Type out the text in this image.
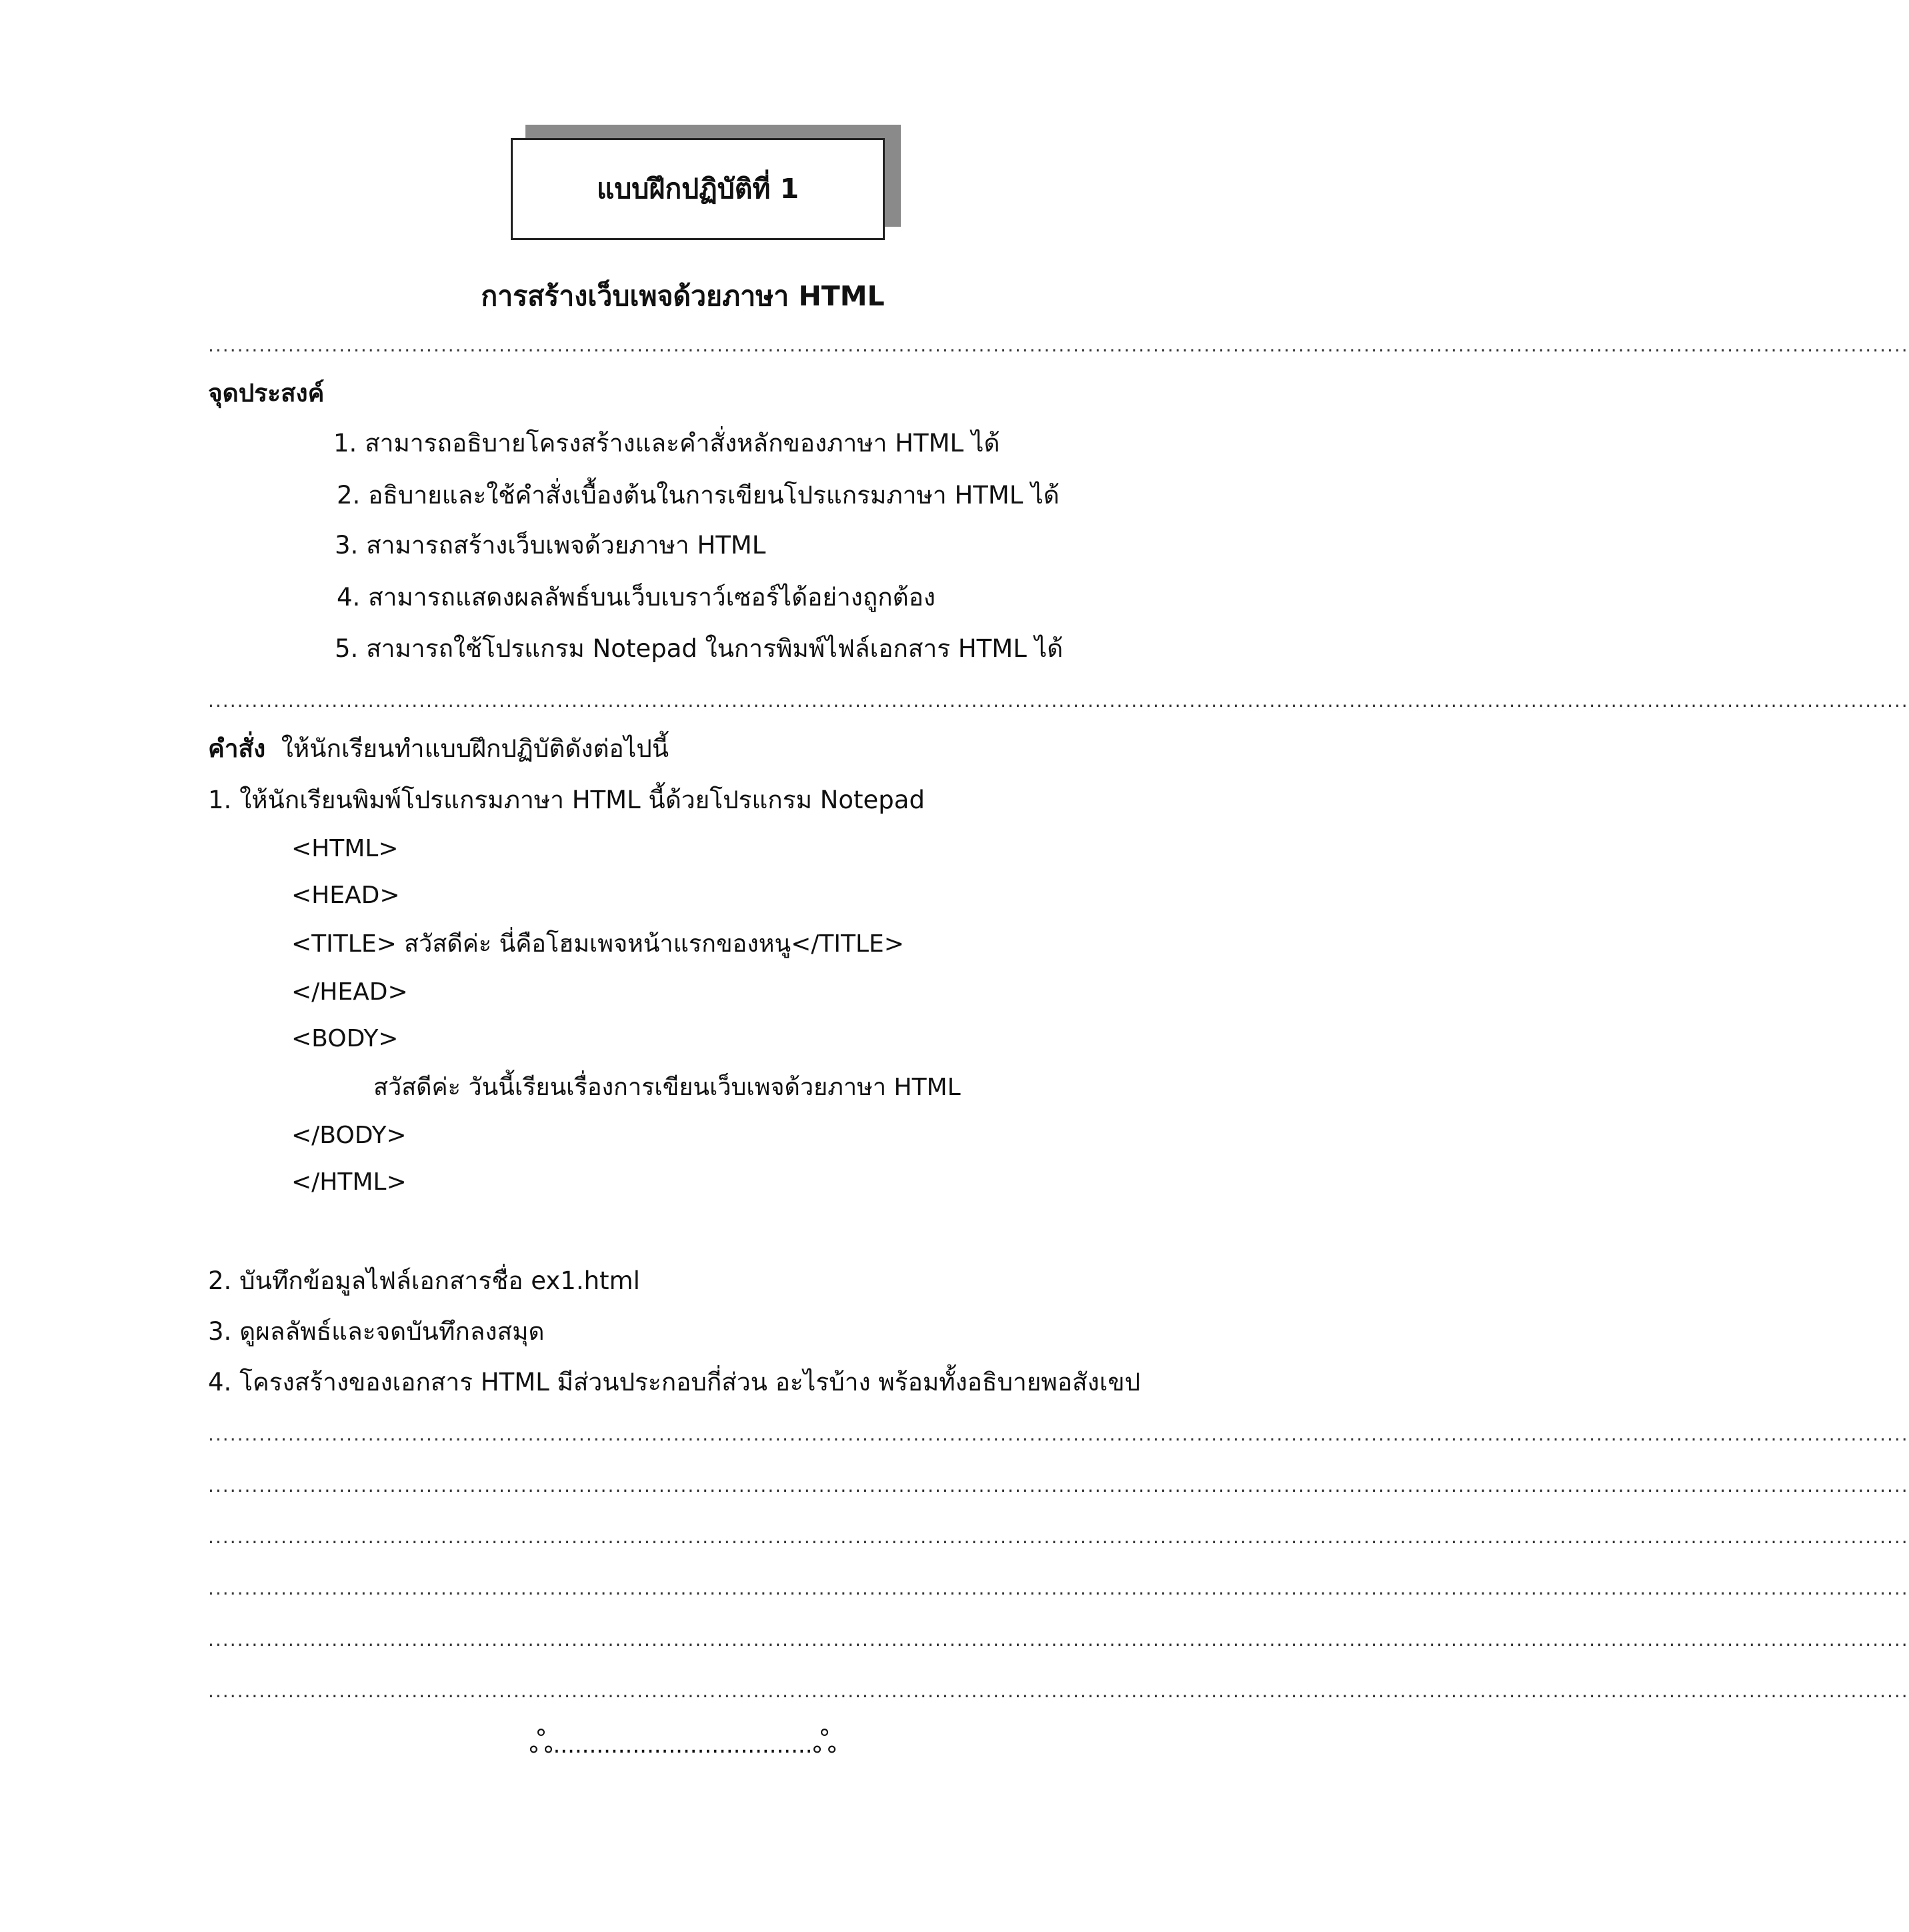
แบบฝึกปฏิบัติที่ 1
การสร้างเว็บเพจด้วยภาษา HTML
..........................................................................................................................................................................................................................................
จุดประสงค์
1. สามารถอธิบายโครงสร้างและคำสั่งหลักของภาษา HTML ได้
2. อธิบายและใช้คำสั่งเบื้องต้นในการเขียนโปรแกรมภาษา HTML ได้
3. สามารถสร้างเว็บเพจด้วยภาษา HTML
4. สามารถแสดงผลลัพธ์บนเว็บเบราว์เซอร์ได้อย่างถูกต้อง
5. สามารถใช้โปรแกรม Notepad ในการพิมพ์ไฟล์เอกสาร HTML ได้
..........................................................................................................................................................................................................................................
คำสั่ง ให้นักเรียนทำแบบฝึกปฏิบัติดังต่อไปนี้
1. ให้นักเรียนพิมพ์โปรแกรมภาษา HTML นี้ด้วยโปรแกรม Notepad
<HTML>
<HEAD>
<TITLE> สวัสดีค่ะ นี่คือโฮมเพจหน้าแรกของหนู</TITLE>
</HEAD>
<BODY>
สวัสดีค่ะ วันนี้เรียนเรื่องการเขียนเว็บเพจด้วยภาษา HTML
</BODY>
</HTML>
2. บันทึกข้อมูลไฟล์เอกสารชื่อ ex1.html
3. ดูผลลัพธ์และจดบันทึกลงสมุด
4. โครงสร้างของเอกสาร HTML มีส่วนประกอบกี่ส่วน อะไรบ้าง พร้อมทั้งอธิบายพอสังเขป
..........................................................................................................................................................................................................................................
..........................................................................................................................................................................................................................................
..........................................................................................................................................................................................................................................
..........................................................................................................................................................................................................................................
..........................................................................................................................................................................................................................................
..........................................................................................................................................................................................................................................
ஃ....................................ஃ
